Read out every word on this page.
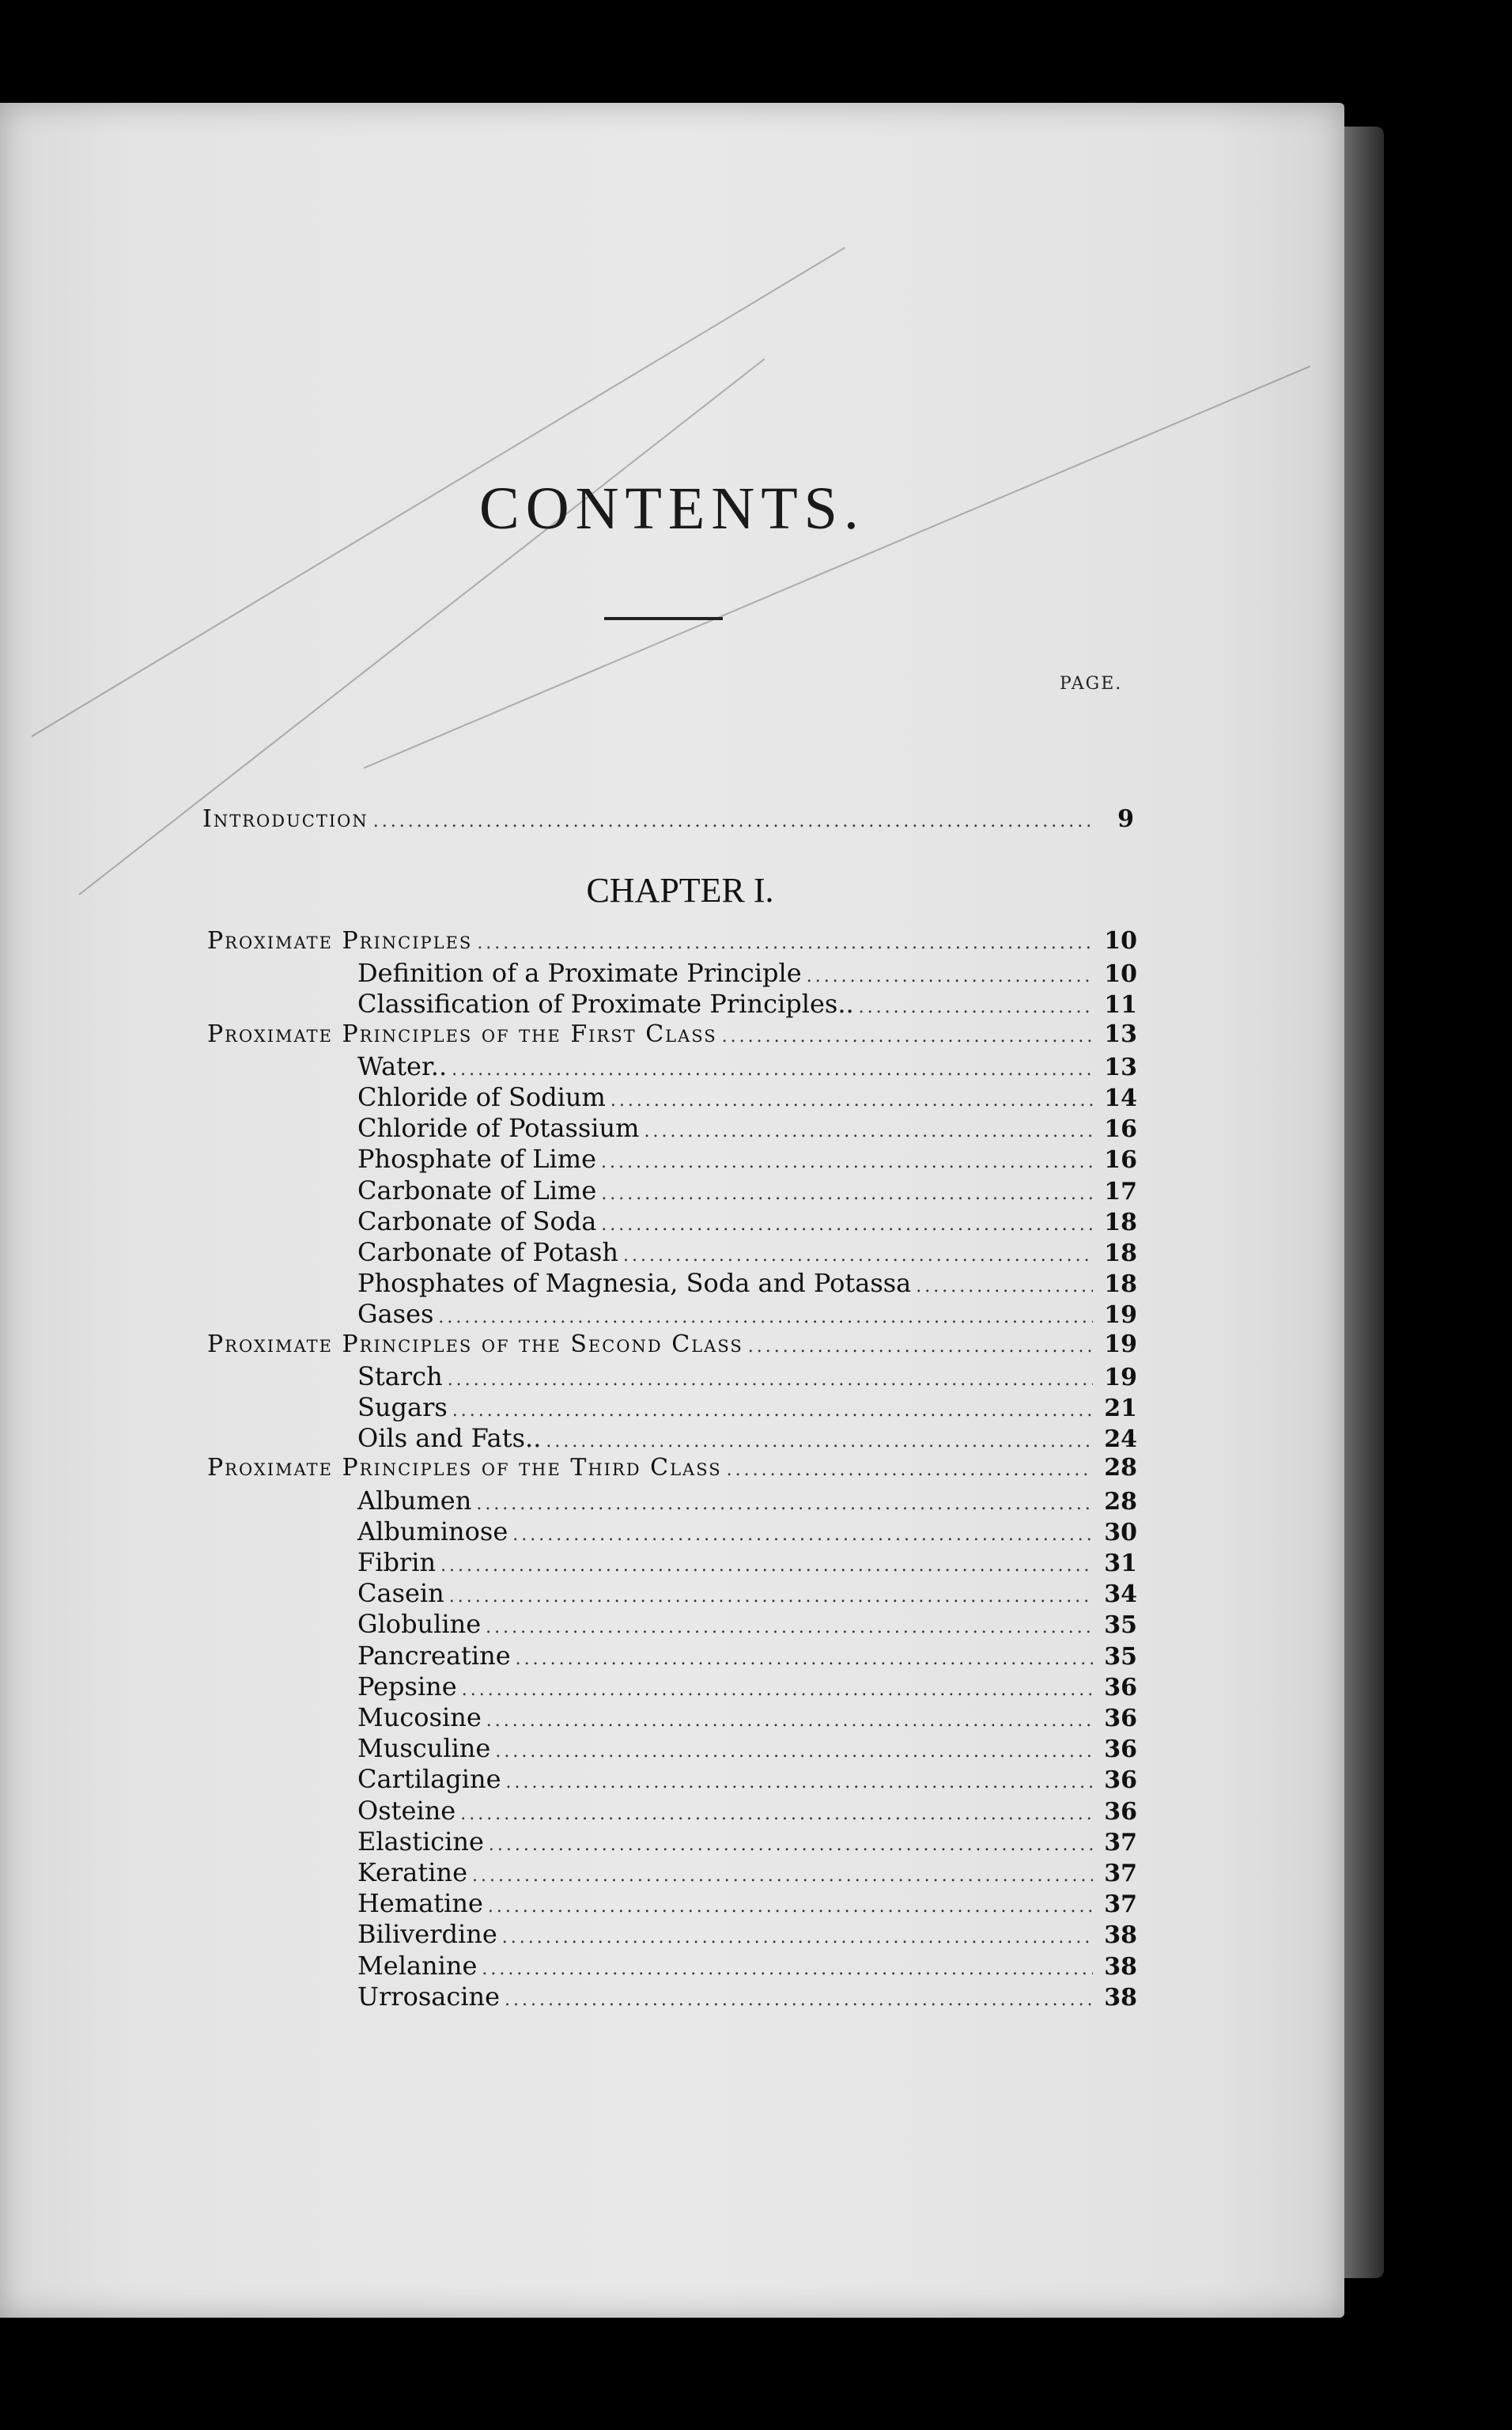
CONTENTS.
PAGE.
Introduction .....	9
CHAPTER I.
Proximate Principles .....	10
Definition of a Proximate Principle .....	10
Classification of Proximate Principles.. .....	11
Proximate Principles of the First Class .....	13
Water.. .....	13
Chloride of Sodium .....	14
Chloride of Potassium .....	16
Phosphate of Lime .....	16
Carbonate of Lime .....	17
Carbonate of Soda .....	18
Carbonate of Potash .....	18
Phosphates of Magnesia, Soda and Potassa .....	18
Gases .....	19
Proximate Principles of the Second Class .....	19
Starch .....	19
Sugars .....	21
Oils and Fats.. .....	24
Proximate Principles of the Third Class .....	28
Albumen .....	28
Albuminose .....	30
Fibrin .....	31
Casein .....	34
Globuline .....	35
Pancreatine .....	35
Pepsine .....	36
Mucosine .....	36
Musculine .....	36
Cartilagine .....	36
Osteine .....	36
Elasticine .....	37
Keratine .....	37
Hematine .....	37
Biliverdine .....	38
Melanine .....	38
Urrosacine .....	38
